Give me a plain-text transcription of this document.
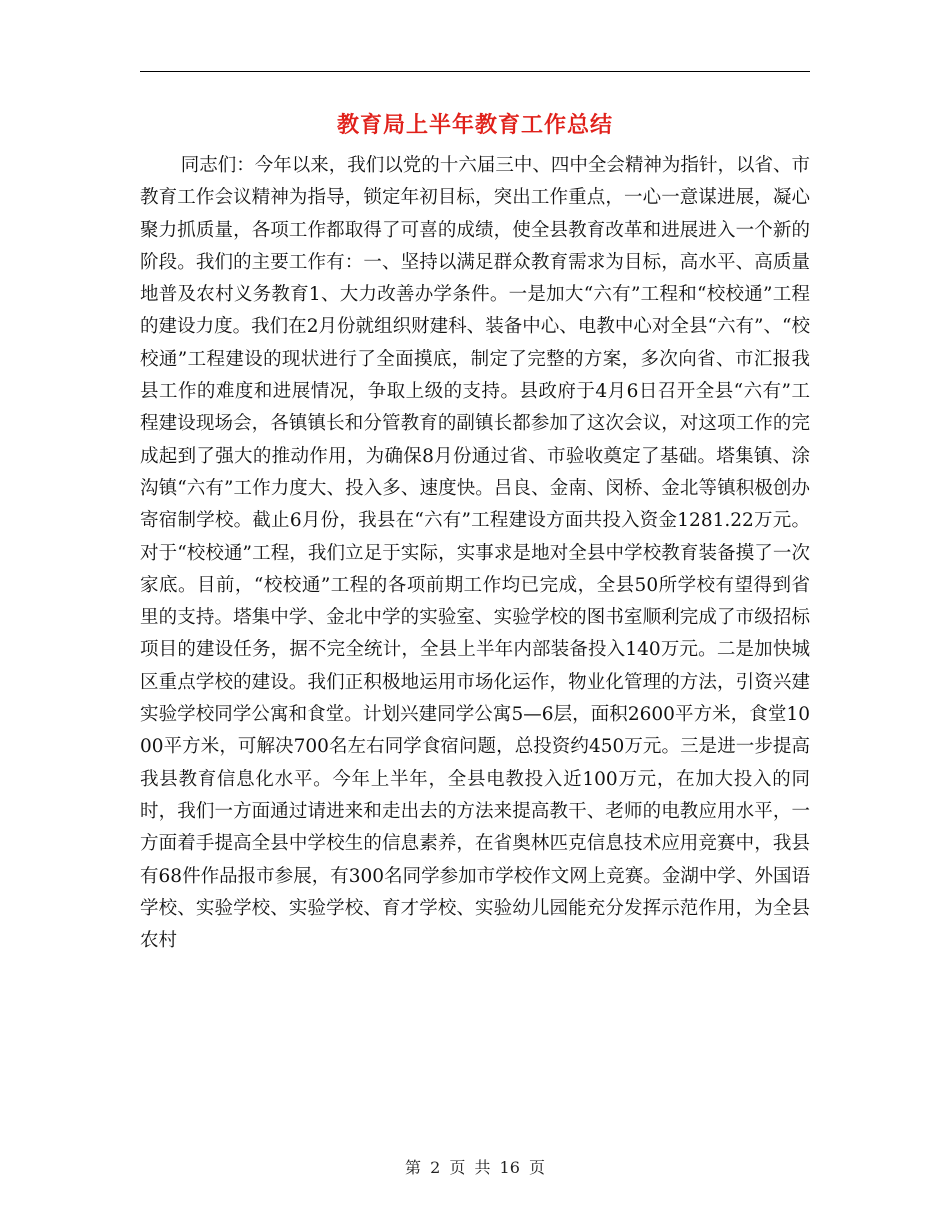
教育局上半年教育工作总结

同志们：今年以来，我们以党的十六届三中、四中全会精神为指针，以省、市教育工作会议精神为指导，锁定年初目标，突出工作重点，一心一意谋进展，凝心聚力抓质量，各项工作都取得了可喜的成绩，使全县教育改革和进展进入一个新的阶段。我们的主要工作有：一、坚持以满足群众教育需求为目标，高水平、高质量地普及农村义务教育1、大力改善办学条件。一是加大“六有”工程和“校校通”工程的建设力度。我们在2月份就组织财建科、装备中心、电教中心对全县“六有”、“校校通”工程建设的现状进行了全面摸底，制定了完整的方案，多次向省、市汇报我县工作的难度和进展情况，争取上级的支持。县政府于4月6日召开全县“六有”工程建设现场会，各镇镇长和分管教育的副镇长都参加了这次会议，对这项工作的完成起到了强大的推动作用，为确保8月份通过省、市验收奠定了基础。塔集镇、涂沟镇“六有”工作力度大、投入多、速度快。吕良、金南、闵桥、金北等镇积极创办寄宿制学校。截止6月份，我县在“六有”工程建设方面共投入资金1281.22万元。对于“校校通”工程，我们立足于实际，实事求是地对全县中学校教育装备摸了一次家底。目前，“校校通”工程的各项前期工作均已完成，全县50所学校有望得到省里的支持。塔集中学、金北中学的实验室、实验学校的图书室顺利完成了市级招标项目的建设任务，据不完全统计，全县上半年内部装备投入140万元。二是加快城区重点学校的建设。我们正积极地运用市场化运作，物业化管理的方法，引资兴建实验学校同学公寓和食堂。计划兴建同学公寓5—6层，面积2600平方米，食堂1000平方米，可解决700名左右同学食宿问题，总投资约450万元。三是进一步提高我县教育信息化水平。今年上半年，全县电教投入近100万元，在加大投入的同时，我们一方面通过请进来和走出去的方法来提高教干、老师的电教应用水平，一方面着手提高全县中学校生的信息素养，在省奥林匹克信息技术应用竞赛中，我县有68件作品报市参展，有300名同学参加市学校作文网上竞赛。金湖中学、外国语学校、实验学校、实验学校、育才学校、实验幼儿园能充分发挥示范作用，为全县农村

第 2 页 共 16 页
